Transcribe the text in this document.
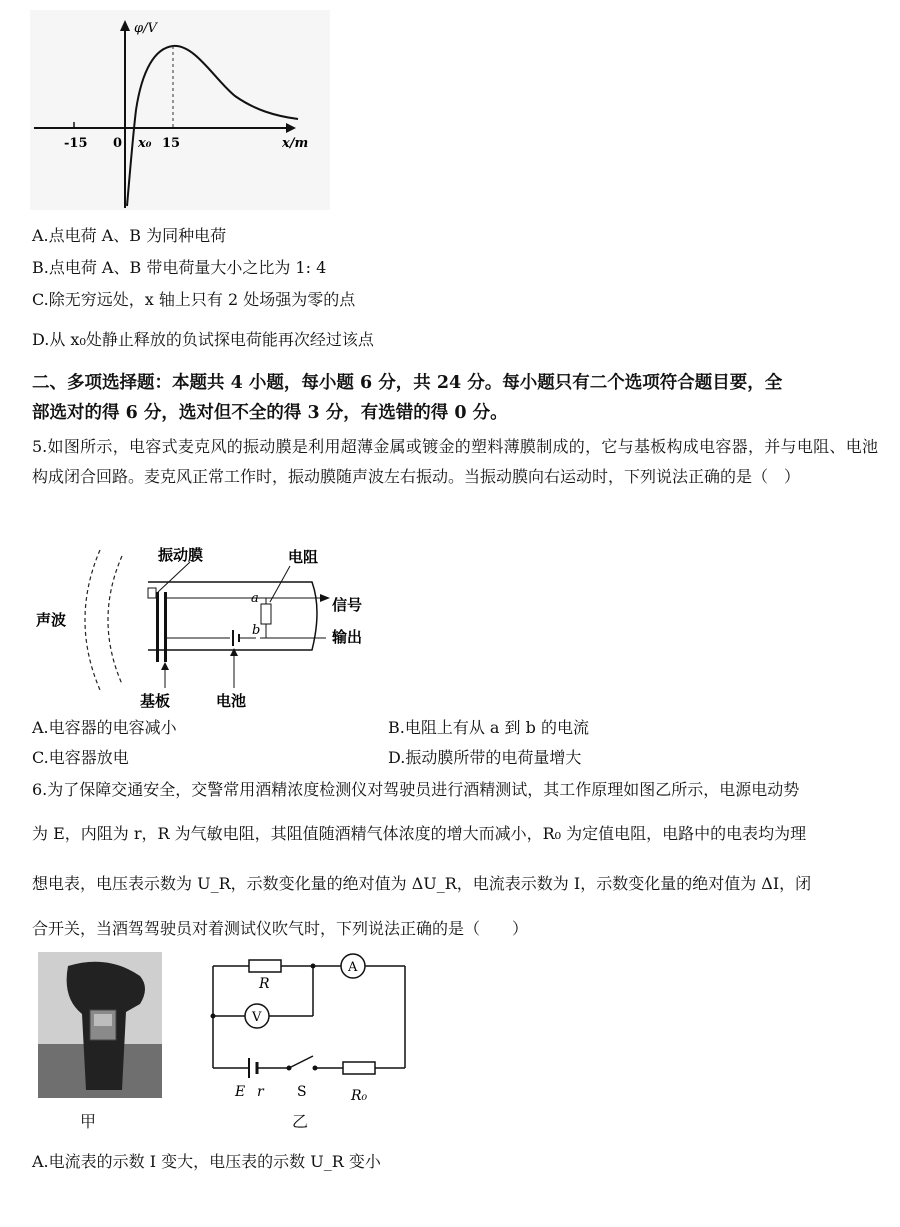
φ/V
x/m
-15 0 x₀ 15
A.点电荷 A、B 为同种电荷
B.点电荷 A、B 带电荷量大小之比为 1: 4
C.除无穷远处，x 轴上只有 2 处场强为零的点
D.从 x₀处静止释放的负试探电荷能再次经过该点
二、多项选择题：本题共 4 小题，每小题 6 分，共 24 分。每小题只有二个选项符合题目要，全
部选对的得 6 分，选对但不全的得 3 分，有选错的得 0 分。
5.如图所示，电容式麦克风的振动膜是利用超薄金属或镀金的塑料薄膜制成的，它与基板构成电容器，并与电阻、电池构成闭合回路。麦克风正常工作时，振动膜随声波左右振动。当振动膜向右运动时，下列说法正确的是（　）
声波
振动膜	电阻
a
b
信号
输出
基板	电池
A.电容器的电容减小	B.电阻上有从 a 到 b 的电流
C.电容器放电	D.振动膜所带的电荷量增大
6.为了保障交通安全，交警常用酒精浓度检测仪对驾驶员进行酒精测试，其工作原理如图乙所示，电源电动势
为 E，内阻为 r，R 为气敏电阻，其阻值随酒精气体浓度的增大而减小，R₀ 为定值电阻，电路中的电表均为理
想电表，电压表示数为 U_R，示数变化量的绝对值为 ΔU_R，电流表示数为 I，示数变化量的绝对值为 ΔI，闭
合开关，当酒驾驾驶员对着测试仪吹气时，下列说法正确的是（　　）
R
A
V
E r S	R₀
甲	乙
A.电流表的示数 I 变大，电压表的示数 U_R 变小
